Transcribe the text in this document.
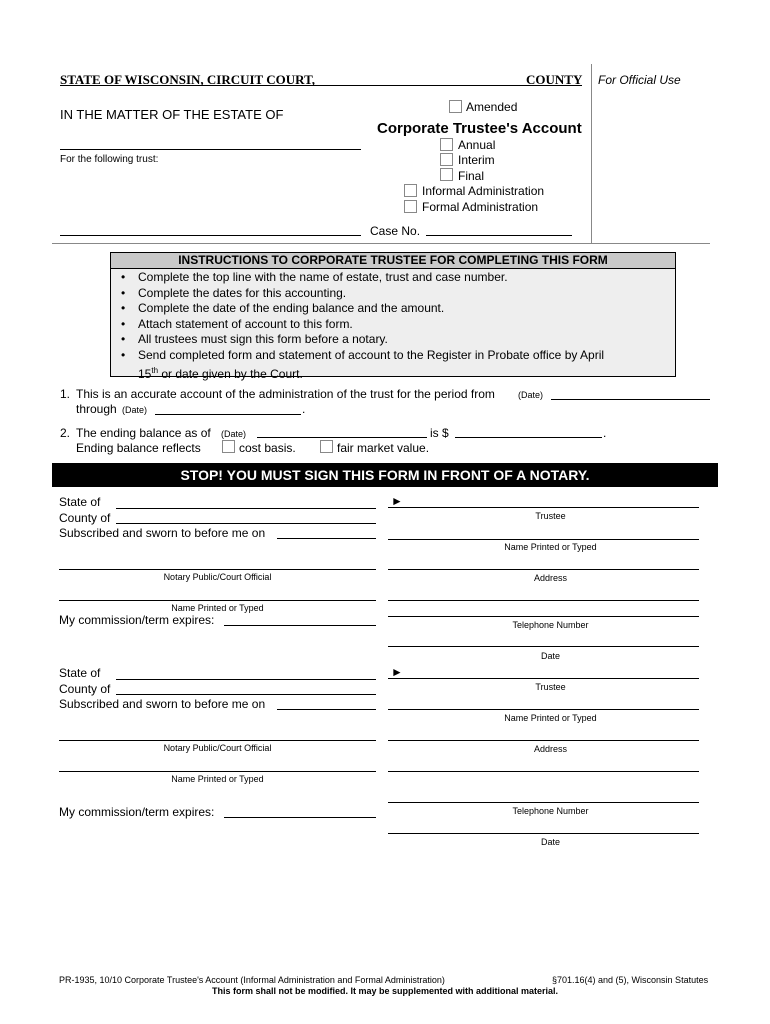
STATE OF WISCONSIN, CIRCUIT COURT,	COUNTY For Official Use
IN THE MATTER OF THE ESTATE OF
For the following trust:
Amended
Corporate Trustee's Account
Annual
Interim
Final
Informal Administration
Formal Administration
Case No.
INSTRUCTIONS TO CORPORATE TRUSTEE FOR COMPLETING THIS FORM
• Complete the top line with the name of estate, trust and case number.
• Complete the dates for this accounting.
• Complete the date of the ending balance and the amount.
• Attach statement of account to this form.
• All trustees must sign this form before a notary.
• Send completed form and statement of account to the Register in Probate office by April
15th or date given by the Court.
1. This is an accurate account of the administration of the trust for the period from	(Date)
through (Date)	.
2. The ending balance as of (Date)	is $	.
Ending balance reflects	cost basis.	fair market value.
STOP! YOU MUST SIGN THIS FORM IN FRONT OF A NOTARY.
State of
County of
Subscribed and sworn to before me on
Notary Public/Court Official
Name Printed or Typed
My commission/term expires:
►
Trustee
Name Printed or Typed
Address
Telephone Number
Date
State of
County of
Subscribed and sworn to before me on
Notary Public/Court Official
Name Printed or Typed
My commission/term expires:
►
Trustee
Name Printed or Typed
Address
Telephone Number
Date
PR-1935, 10/10 Corporate Trustee's Account (Informal Administration and Formal Administration)	§701.16(4) and (5), Wisconsin Statutes
This form shall not be modified. It may be supplemented with additional material.
